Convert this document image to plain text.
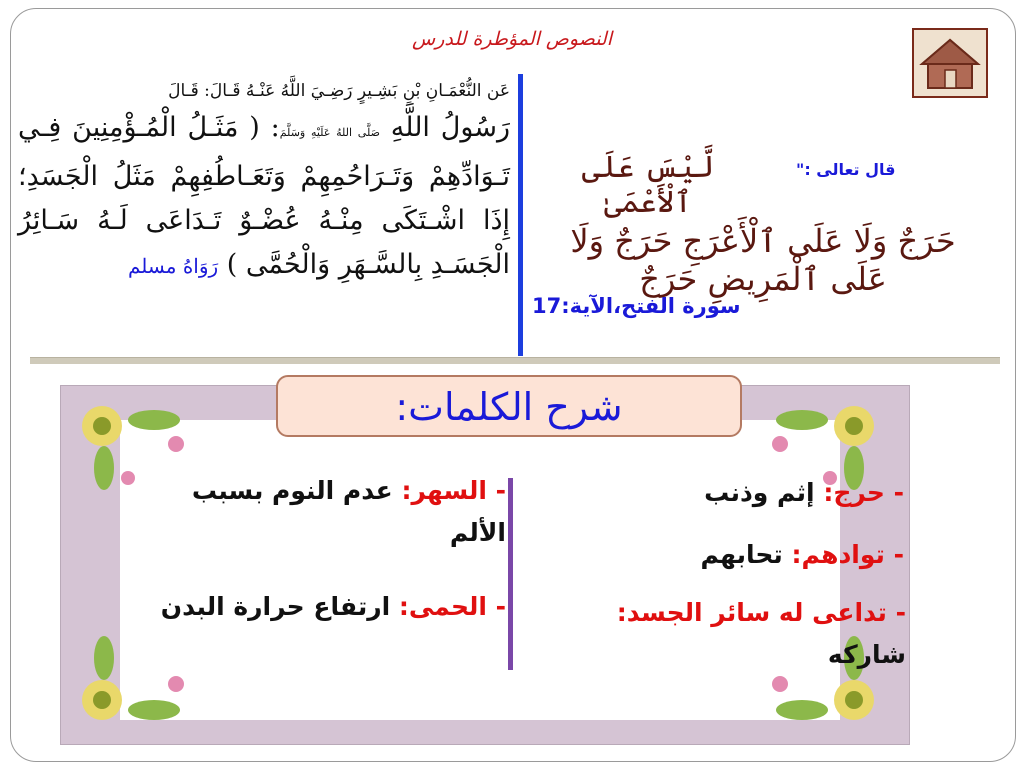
النصوص المؤطرة للدرس
عَن النُّعْمَـانِ بْنِ بَشِـيرٍ رَضِـيَ اللَّهُ عَنْـهُ قَـالَ: قَـالَ
رَسُولُ اللَّهِ صَلَّى اللهُ عَلَيْهِ وَسَلَّمَ: ( مَثَـلُ الْمُـؤْمِنِينَ فِـي تَـوَادِّهِمْ وَتَـرَاحُمِهِمْ وَتَعَـاطُفِهِمْ مَثَلُ الْجَسَدِ؛ إِذَا اشْـتَكَى مِنْـهُ عُضْـوٌ تَـدَاعَى لَـهُ سَـائِرُ الْجَسَـدِ بِالسَّـهَرِ وَالْحُمَّى ) رَوَاهُ مسلم
قال تعالى :"
لَّيْسَ عَلَى ٱلْأَعْمَىٰ
حَرَجٌ وَلَا عَلَى ٱلْأَعْرَجِ حَرَجٌ وَلَا عَلَى ٱلْمَرِيضِ حَرَجٌ
سورة الفتح،الآية:17
شرح الكلمات:
- حرج: إثم وذنب
- توادهم: تحابهم
- تداعى له سائر الجسد: شاركه
- السهر: عدم النوم بسبب الألم
- الحمى: ارتفاع حرارة البدن
